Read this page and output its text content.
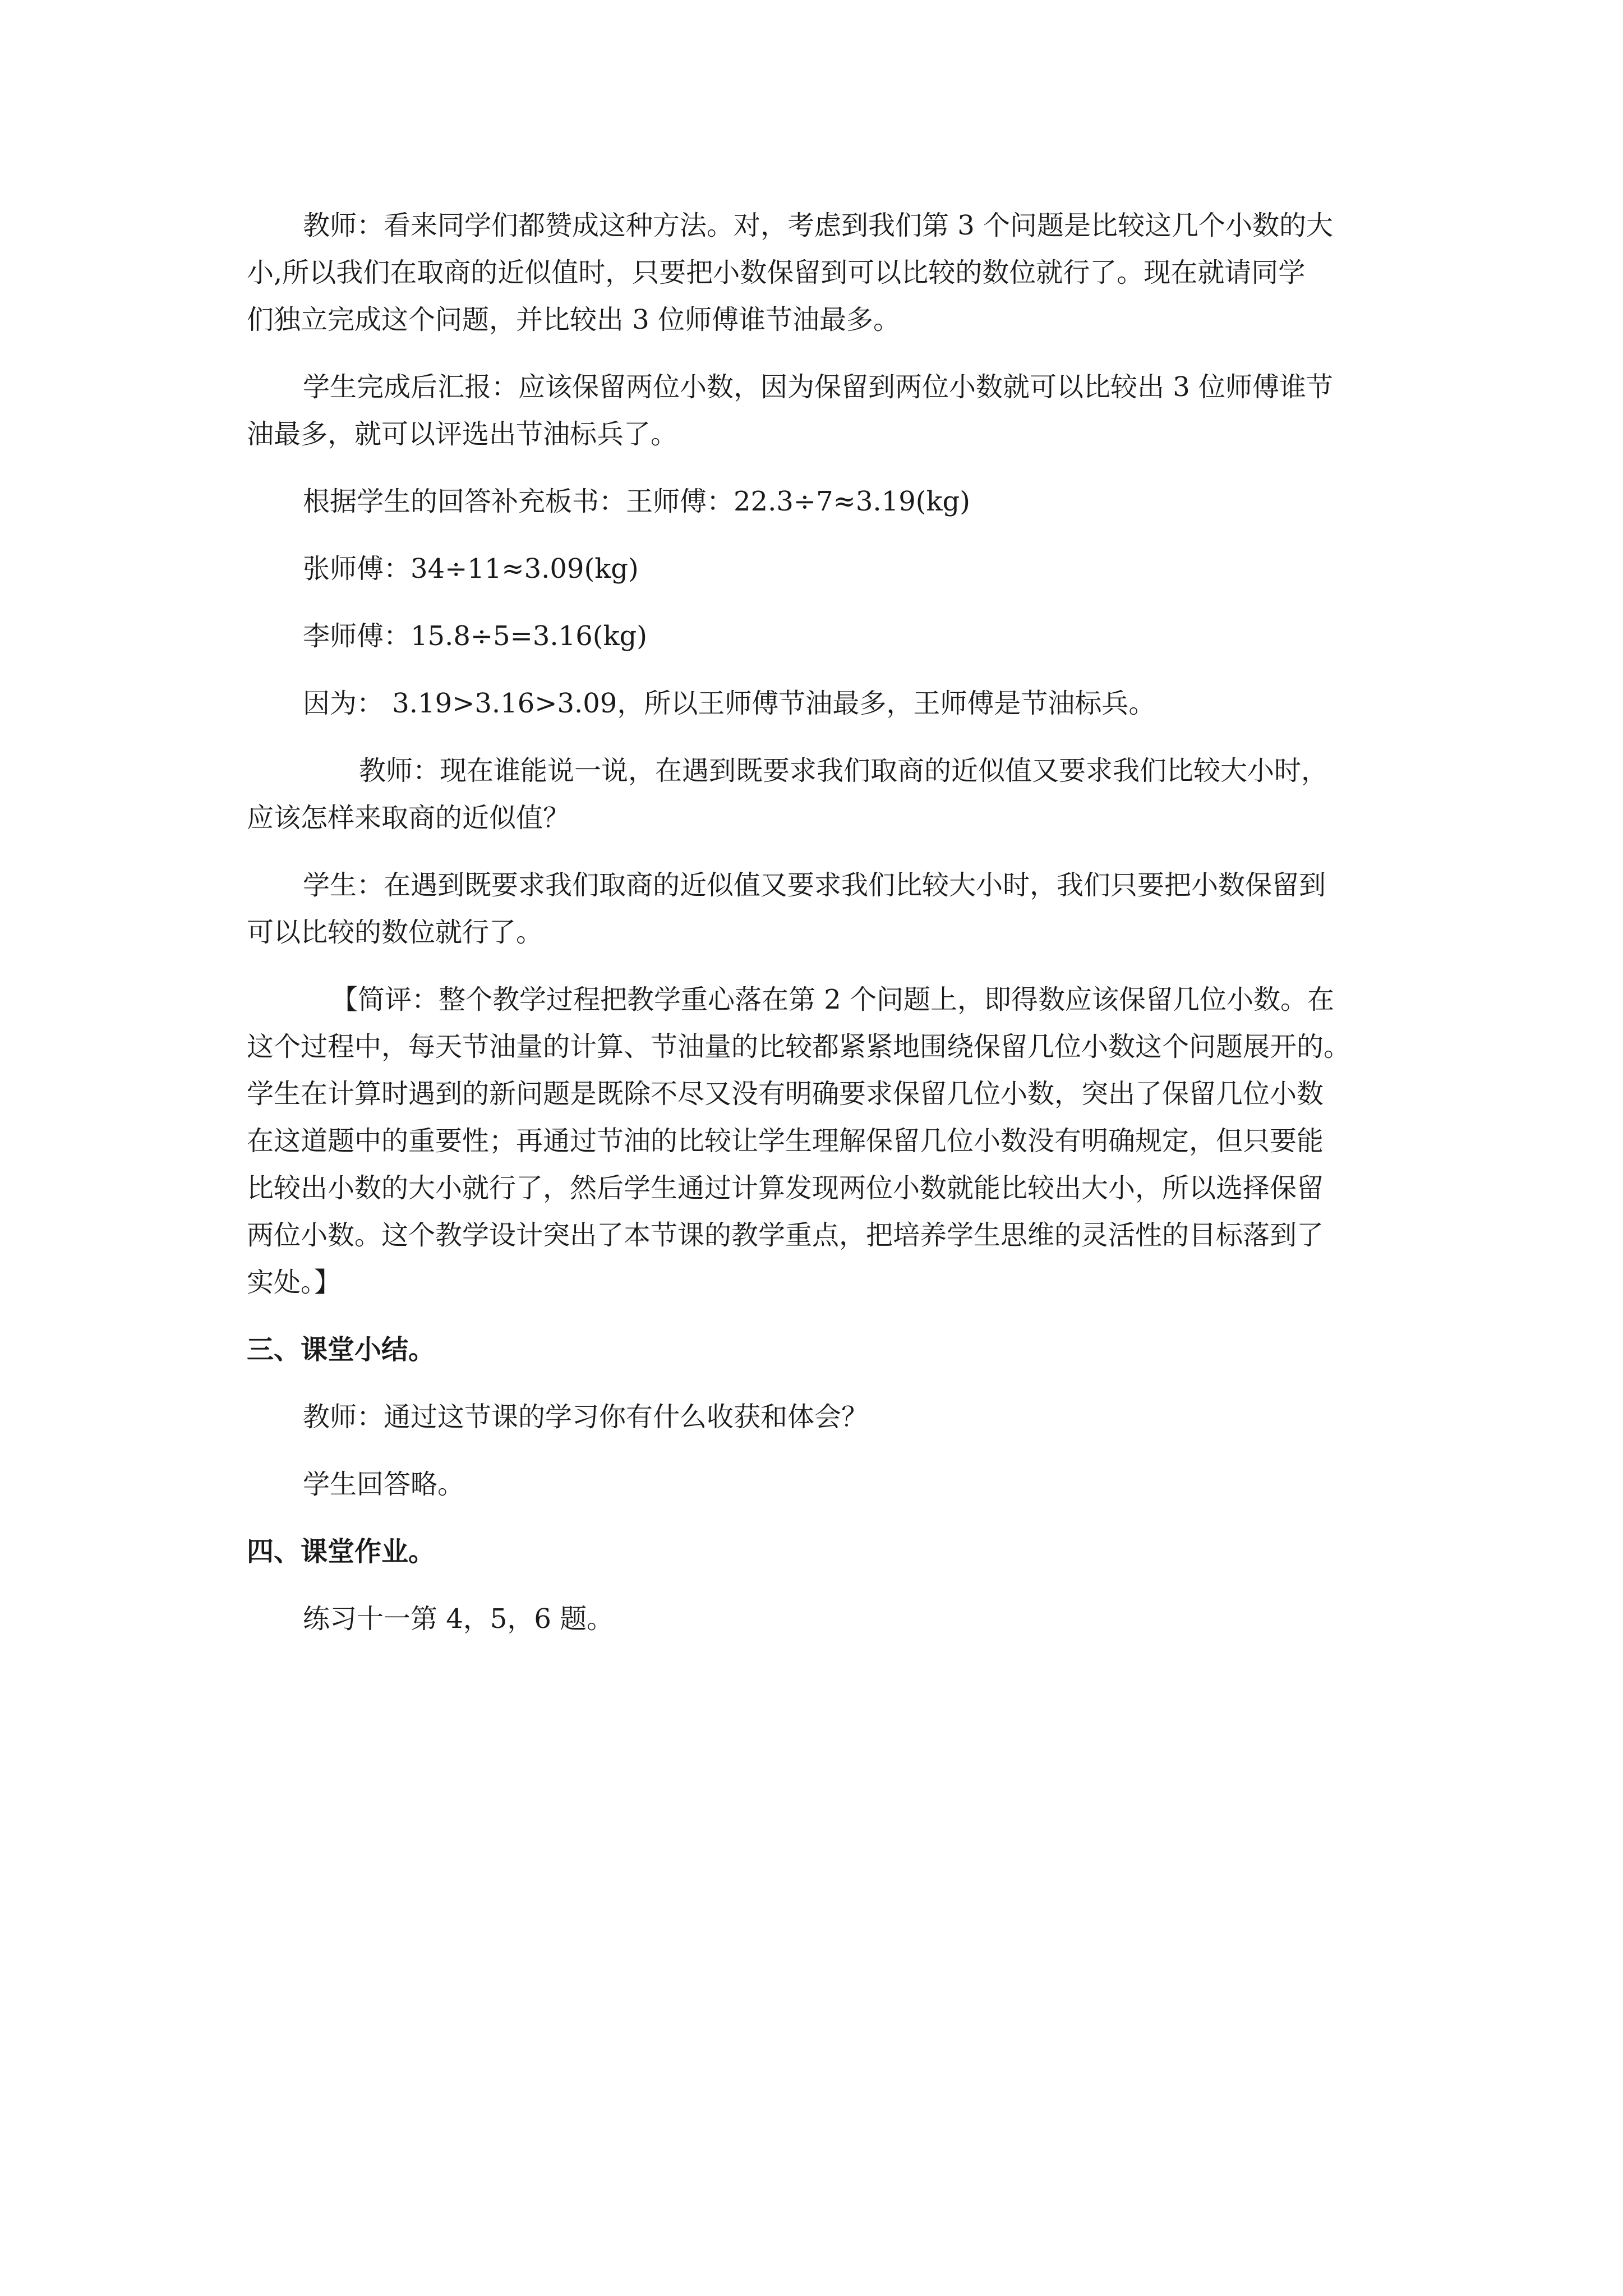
教师：看来同学们都赞成这种方法。对，考虑到我们第 3 个问题是比较这几个小数的大
小,所以我们在取商的近似值时，只要把小数保留到可以比较的数位就行了。现在就请同学
们独立完成这个问题，并比较出 3 位师傅谁节油最多。
学生完成后汇报：应该保留两位小数，因为保留到两位小数就可以比较出 3 位师傅谁节
油最多，就可以评选出节油标兵了。
根据学生的回答补充板书：王师傅：22.3÷7≈3.19(kg)
张师傅：34÷11≈3.09(kg)
李师傅：15.8÷5=3.16(kg)
因为： 3.19>3.16>3.09，所以王师傅节油最多，王师傅是节油标兵。
教师：现在谁能说一说，在遇到既要求我们取商的近似值又要求我们比较大小时，
应该怎样来取商的近似值？
学生：在遇到既要求我们取商的近似值又要求我们比较大小时，我们只要把小数保留到
可以比较的数位就行了。
【简评：整个教学过程把教学重心落在第 2 个问题上，即得数应该保留几位小数。在
这个过程中，每天节油量的计算、节油量的比较都紧紧地围绕保留几位小数这个问题展开的。
学生在计算时遇到的新问题是既除不尽又没有明确要求保留几位小数，突出了保留几位小数
在这道题中的重要性；再通过节油的比较让学生理解保留几位小数没有明确规定，但只要能
比较出小数的大小就行了，然后学生通过计算发现两位小数就能比较出大小，所以选择保留
两位小数。这个教学设计突出了本节课的教学重点，把培养学生思维的灵活性的目标落到了
实处。】
三、课堂小结。
教师：通过这节课的学习你有什么收获和体会？
学生回答略。
四、课堂作业。
练习十一第 4，5，6 题。
